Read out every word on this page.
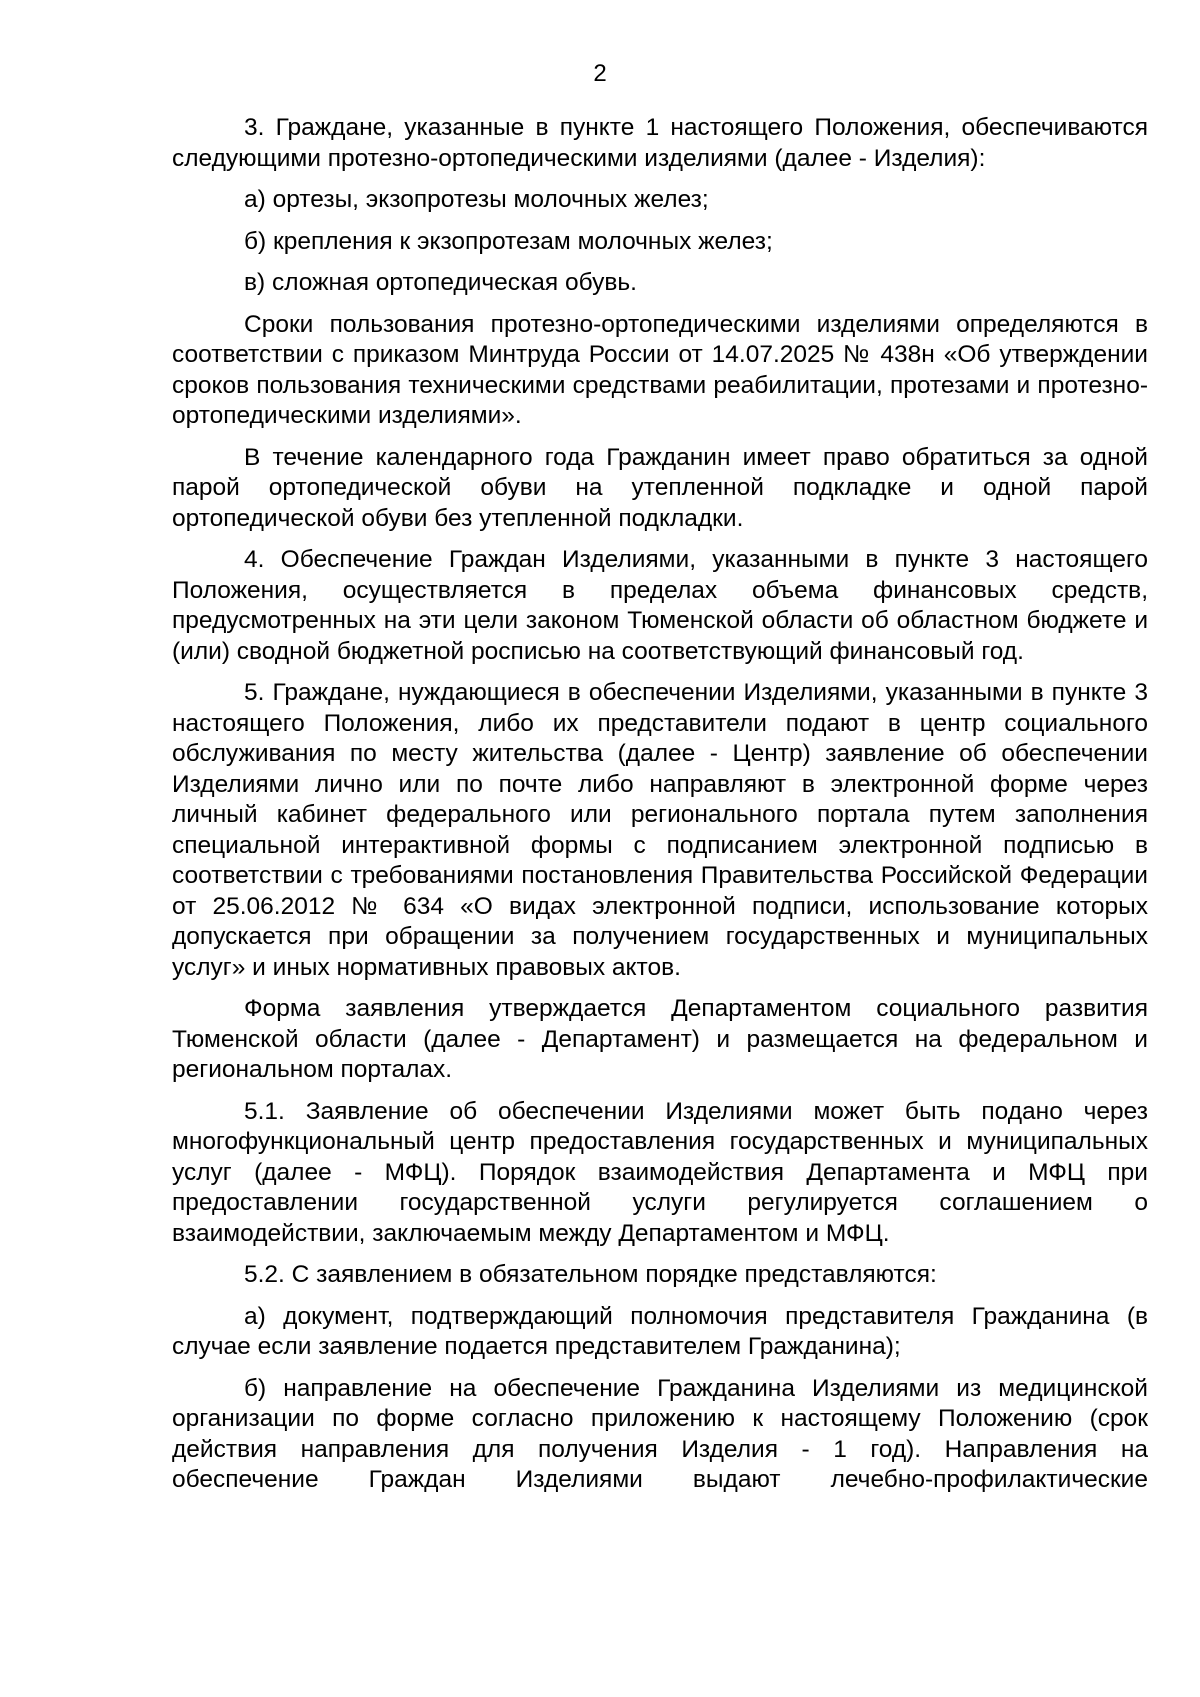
2

3. Граждане, указанные в пункте 1 настоящего Положения, обеспечиваются следующими протезно-ортопедическими изделиями (далее - Изделия):

а) ортезы, экзопротезы молочных желез;

б) крепления к экзопротезам молочных желез;

в) сложная ортопедическая обувь.

Сроки пользования протезно-ортопедическими изделиями определяются в соответствии с приказом Минтруда России от 14.07.2025 № 438н «Об утверждении сроков пользования техническими средствами реабилитации, протезами и протезно-ортопедическими изделиями».

В течение календарного года Гражданин имеет право обратиться за одной парой ортопедической обуви на утепленной подкладке и одной парой ортопедической обуви без утепленной подкладки.

4. Обеспечение Граждан Изделиями, указанными в пункте 3 настоящего Положения, осуществляется в пределах объема финансовых средств, предусмотренных на эти цели законом Тюменской области об областном бюджете и (или) сводной бюджетной росписью на соответствующий финансовый год.

5. Граждане, нуждающиеся в обеспечении Изделиями, указанными в пункте 3 настоящего Положения, либо их представители подают в центр социального обслуживания по месту жительства (далее - Центр) заявление об обеспечении Изделиями лично или по почте либо направляют в электронной форме через личный кабинет федерального или регионального портала путем заполнения специальной интерактивной формы с подписанием электронной подписью в соответствии с требованиями постановления Правительства Российской Федерации от 25.06.2012 № 634 «О видах электронной подписи, использование которых допускается при обращении за получением государственных и муниципальных услуг» и иных нормативных правовых актов.

Форма заявления утверждается Департаментом социального развития Тюменской области (далее - Департамент) и размещается на федеральном и региональном порталах.

5.1. Заявление об обеспечении Изделиями может быть подано через многофункциональный центр предоставления государственных и муниципальных услуг (далее - МФЦ). Порядок взаимодействия Департамента и МФЦ при предоставлении государственной услуги регулируется соглашением о взаимодействии, заключаемым между Департаментом и МФЦ.

5.2. С заявлением в обязательном порядке представляются:

а) документ, подтверждающий полномочия представителя Гражданина (в случае если заявление подается представителем Гражданина);

б) направление на обеспечение Гражданина Изделиями из медицинской организации по форме согласно приложению к настоящему Положению (срок действия направления для получения Изделия - 1 год). Направления на обеспечение Граждан Изделиями выдают лечебно-профилактические
